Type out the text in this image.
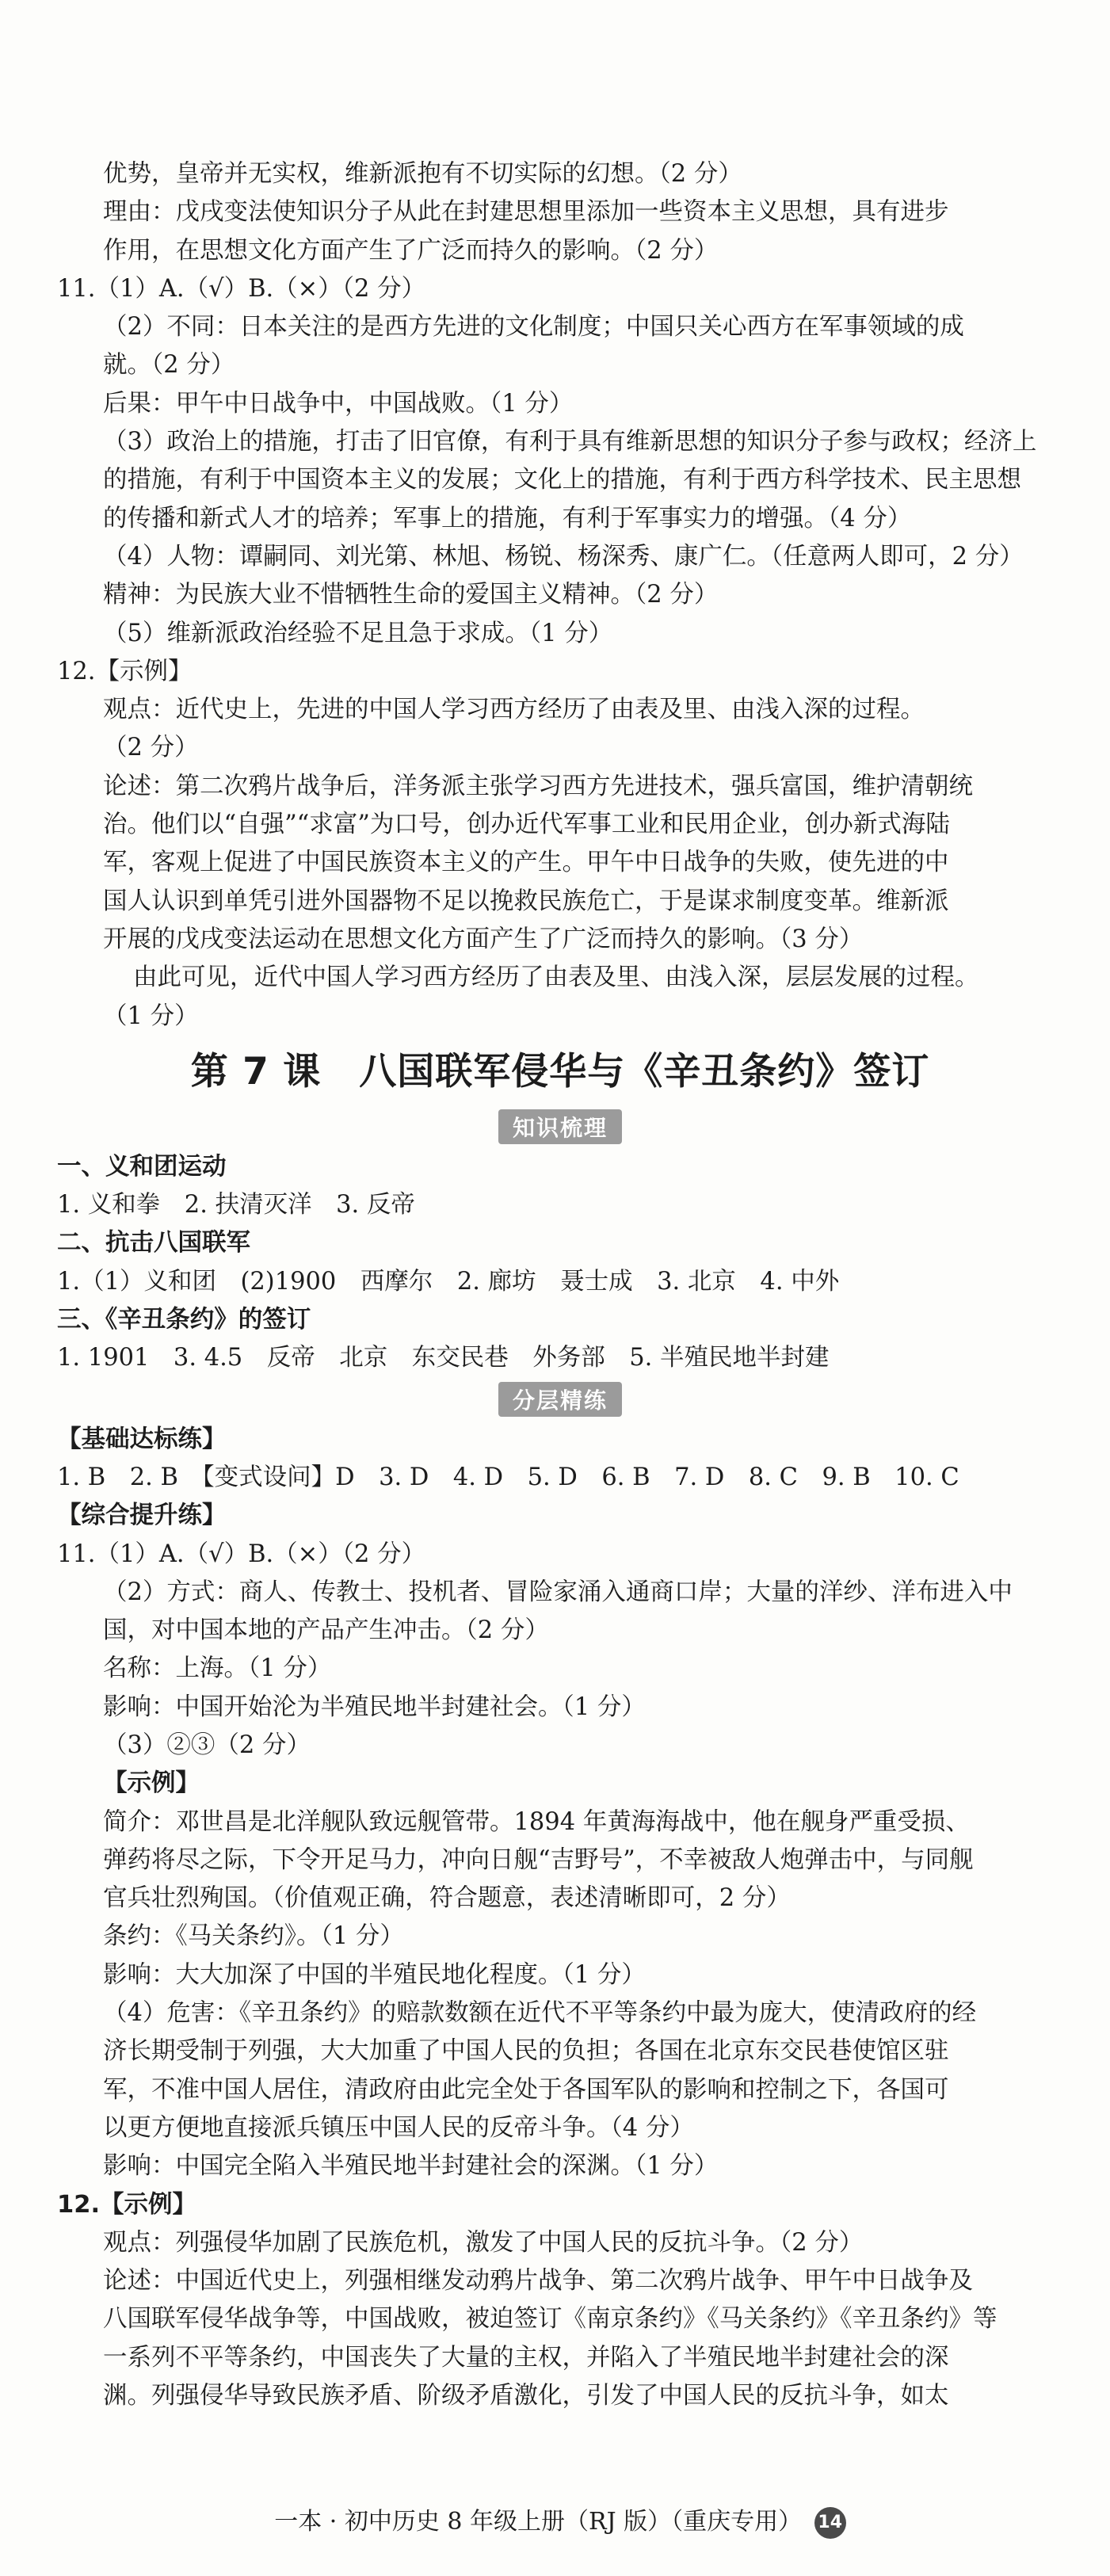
优势，皇帝并无实权，维新派抱有不切实际的幻想。（2 分）
理由：戊戌变法使知识分子从此在封建思想里添加一些资本主义思想，具有进步
作用，在思想文化方面产生了广泛而持久的影响。（2 分）
11.（1）A.（√）B.（×）（2 分）
（2）不同：日本关注的是西方先进的文化制度；中国只关心西方在军事领域的成
就。（2 分）
后果：甲午中日战争中，中国战败。（1 分）
（3）政治上的措施，打击了旧官僚，有利于具有维新思想的知识分子参与政权；经济上
的措施，有利于中国资本主义的发展；文化上的措施，有利于西方科学技术、民主思想
的传播和新式人才的培养；军事上的措施，有利于军事实力的增强。（4 分）
（4）人物：谭嗣同、刘光第、林旭、杨锐、杨深秀、康广仁。（任意两人即可，2 分）
精神：为民族大业不惜牺牲生命的爱国主义精神。（2 分）
（5）维新派政治经验不足且急于求成。（1 分）
12.【示例】
观点：近代史上，先进的中国人学习西方经历了由表及里、由浅入深的过程。
（2 分）
论述：第二次鸦片战争后，洋务派主张学习西方先进技术，强兵富国，维护清朝统
治。他们以“自强”“求富”为口号，创办近代军事工业和民用企业，创办新式海陆
军，客观上促进了中国民族资本主义的产生。甲午中日战争的失败，使先进的中
国人认识到单凭引进外国器物不足以挽救民族危亡，于是谋求制度变革。维新派
开展的戊戌变法运动在思想文化方面产生了广泛而持久的影响。（3 分）
由此可见，近代中国人学习西方经历了由表及里、由浅入深，层层发展的过程。
（1 分）
第 7 课　八国联军侵华与《辛丑条约》签订
知识梳理
一、义和团运动
1. 义和拳　2. 扶清灭洋　3. 反帝
二、抗击八国联军
1.（1）义和团　(2)1900　西摩尔　2. 廊坊　聂士成　3. 北京　4. 中外
三、《辛丑条约》的签订
1. 1901　3. 4.5　反帝　北京　东交民巷　外务部　5. 半殖民地半封建
分层精练
【基础达标练】
1. B　2. B　【变式设问】D　3. D　4. D　5. D　6. B　7. D　8. C　9. B　10. C
【综合提升练】
11.（1）A.（√）B.（×）（2 分）
（2）方式：商人、传教士、投机者、冒险家涌入通商口岸；大量的洋纱、洋布进入中
国，对中国本地的产品产生冲击。（2 分）
名称：上海。（1 分）
影响：中国开始沦为半殖民地半封建社会。（1 分）
（3）②③（2 分）
【示例】
简介：邓世昌是北洋舰队致远舰管带。1894 年黄海海战中，他在舰身严重受损、
弹药将尽之际，下令开足马力，冲向日舰“吉野号”，不幸被敌人炮弹击中，与同舰
官兵壮烈殉国。（价值观正确，符合题意，表述清晰即可，2 分）
条约：《马关条约》。（1 分）
影响：大大加深了中国的半殖民地化程度。（1 分）
（4）危害：《辛丑条约》的赔款数额在近代不平等条约中最为庞大，使清政府的经
济长期受制于列强，大大加重了中国人民的负担；各国在北京东交民巷使馆区驻
军，不准中国人居住，清政府由此完全处于各国军队的影响和控制之下，各国可
以更方便地直接派兵镇压中国人民的反帝斗争。（4 分）
影响：中国完全陷入半殖民地半封建社会的深渊。（1 分）
12.【示例】
观点：列强侵华加剧了民族危机，激发了中国人民的反抗斗争。（2 分）
论述：中国近代史上，列强相继发动鸦片战争、第二次鸦片战争、甲午中日战争及
八国联军侵华战争等，中国战败，被迫签订《南京条约》《马关条约》《辛丑条约》等
一系列不平等条约，中国丧失了大量的主权，并陷入了半殖民地半封建社会的深
渊。列强侵华导致民族矛盾、阶级矛盾激化，引发了中国人民的反抗斗争，如太
一本 · 初中历史 8 年级上册（RJ 版）（重庆专用） 14
